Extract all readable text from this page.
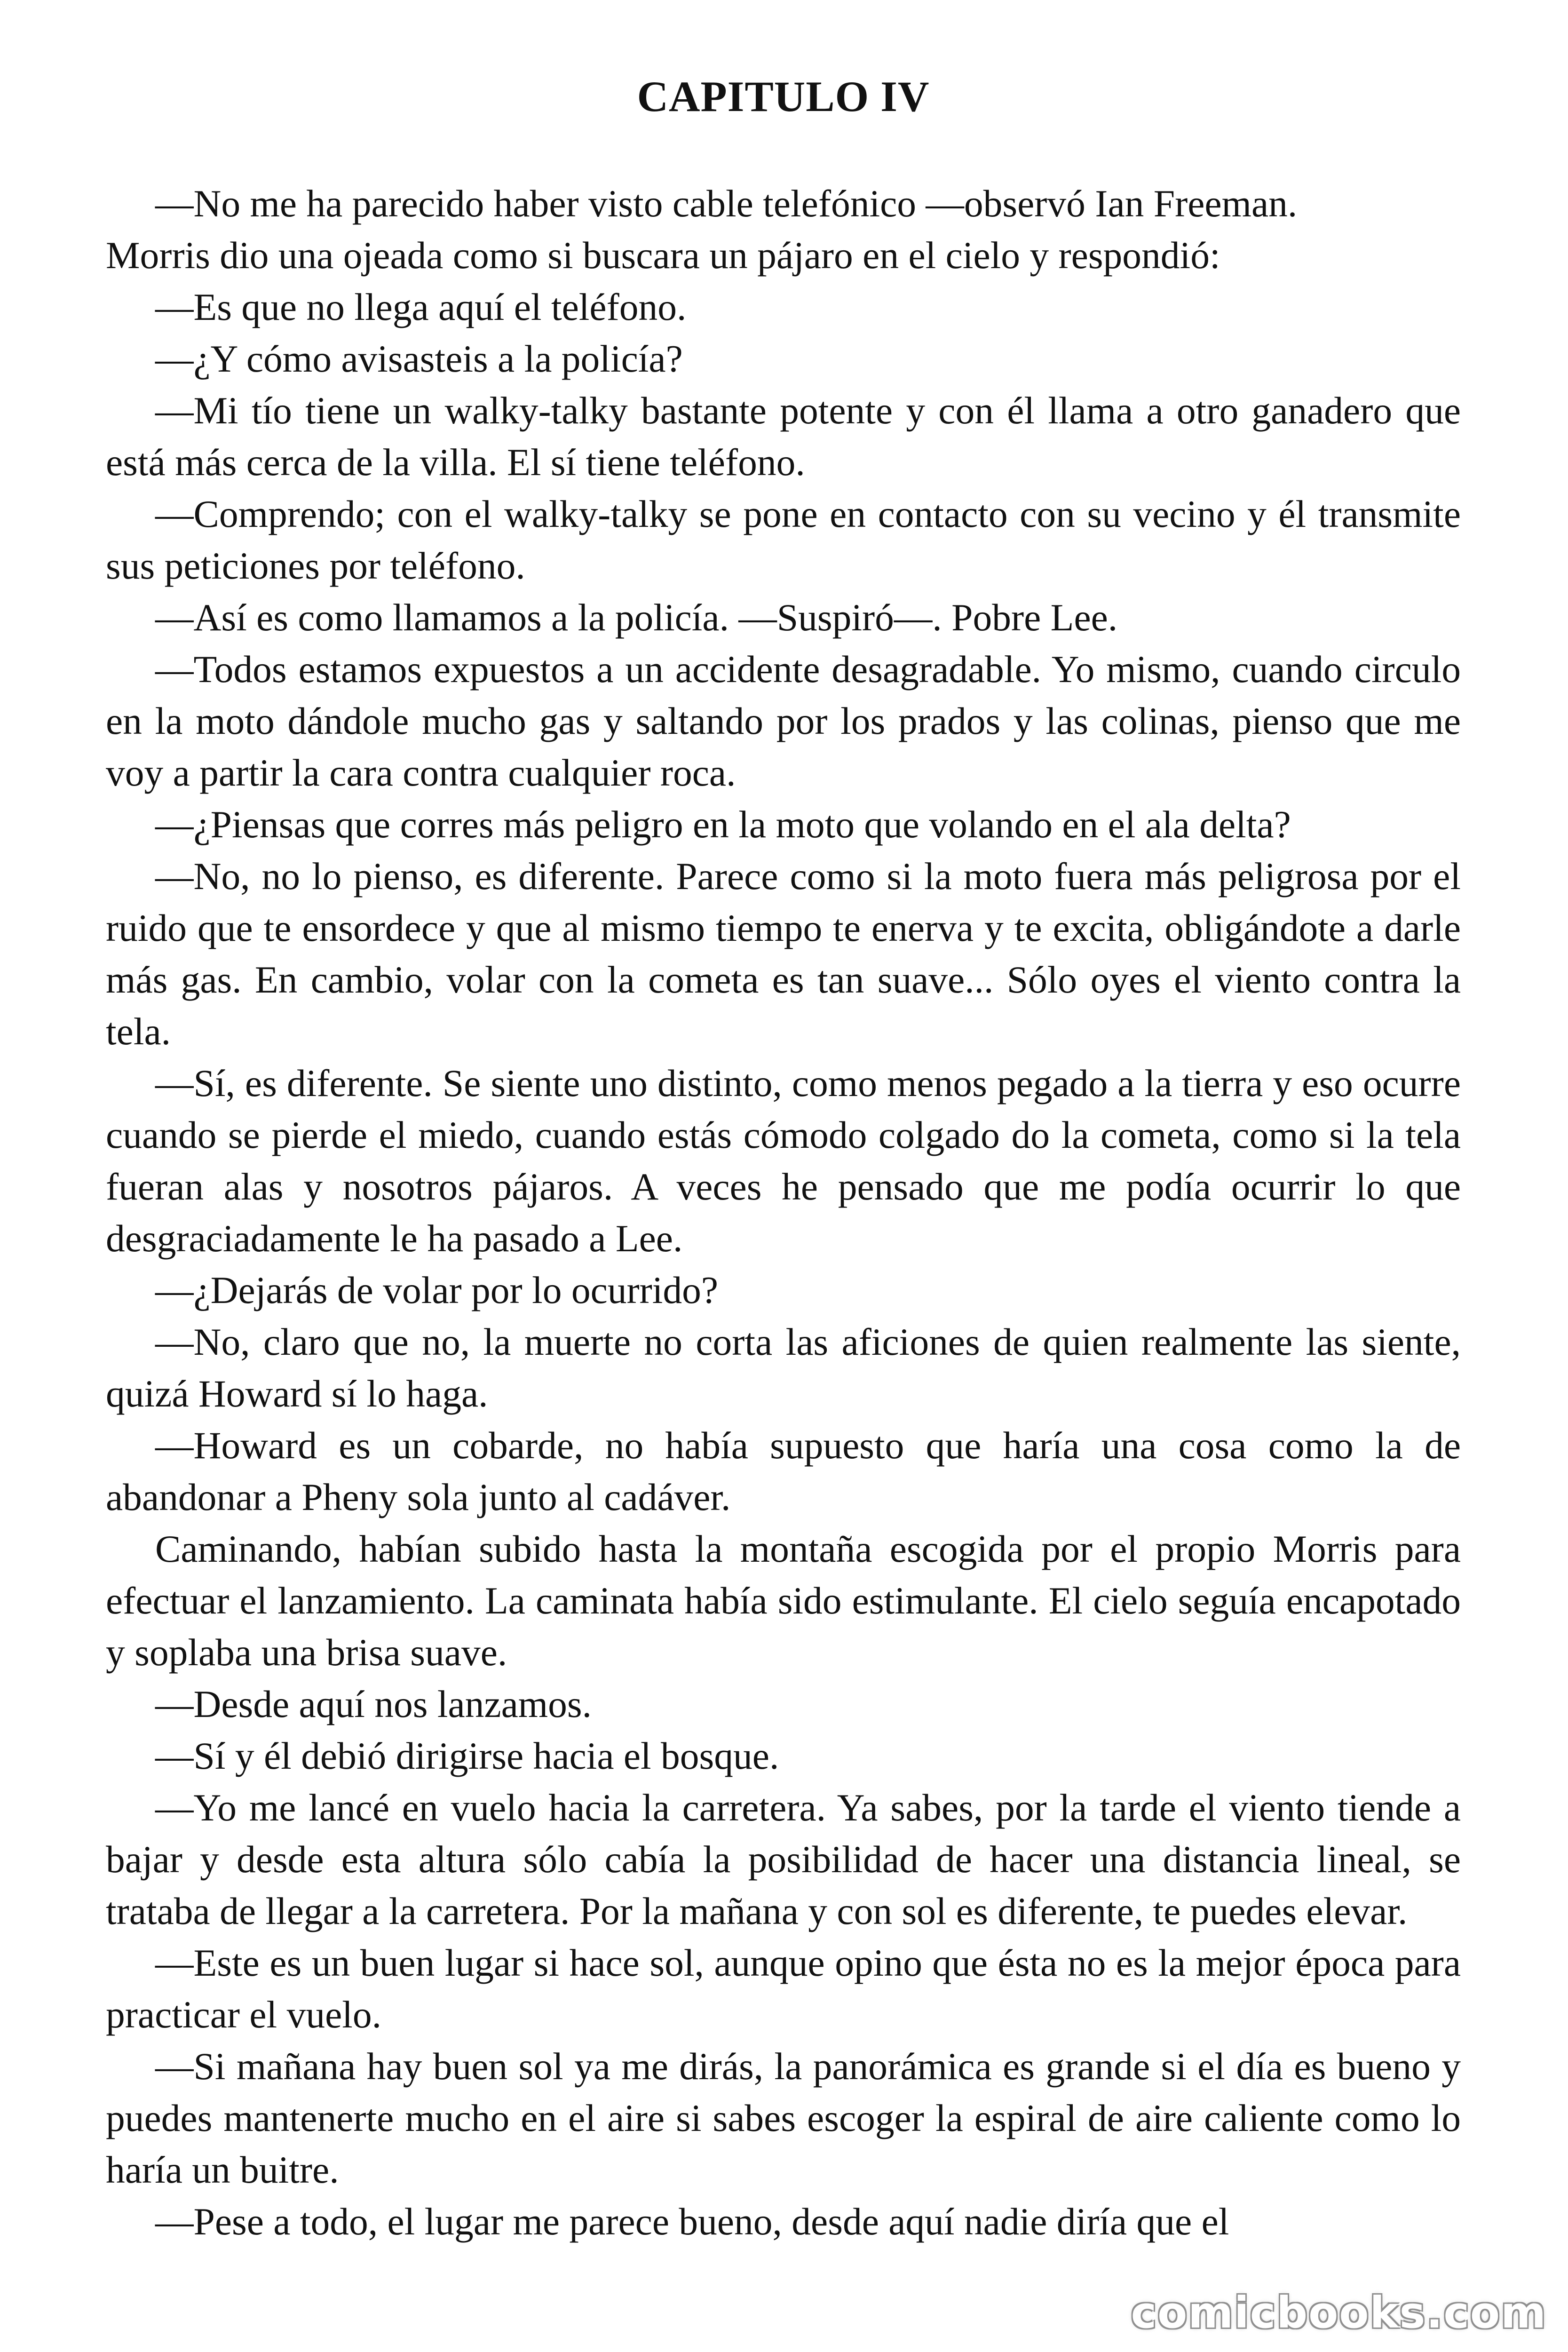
CAPITULO IV

—No me ha parecido haber visto cable telefónico —observó Ian Freeman.

Morris dio una ojeada como si buscara un pájaro en el cielo y respondió:

—Es que no llega aquí el teléfono.

—¿Y cómo avisasteis a la policía?

—Mi tío tiene un walky-talky bastante potente y con él llama a otro ganadero que está más cerca de la villa. El sí tiene teléfono.

—Comprendo; con el walky-talky se pone en contacto con su vecino y él transmite sus peticiones por teléfono.

—Así es como llamamos a la policía. —Suspiró—. Pobre Lee.

—Todos estamos expuestos a un accidente desagradable. Yo mismo, cuando circulo en la moto dándole mucho gas y saltando por los prados y las colinas, pienso que me voy a partir la cara contra cualquier roca.

—¿Piensas que corres más peligro en la moto que volando en el ala delta?

—No, no lo pienso, es diferente. Parece como si la moto fuera más peligrosa por el ruido que te ensordece y que al mismo tiempo te enerva y te excita, obligándote a darle más gas. En cambio, volar con la cometa es tan suave... Sólo oyes el viento contra la tela.

—Sí, es diferente. Se siente uno distinto, como menos pegado a la tierra y eso ocurre cuando se pierde el miedo, cuando estás cómodo colgado do la cometa, como si la tela fueran alas y nosotros pájaros. A veces he pensado que me podía ocurrir lo que desgraciadamente le ha pasado a Lee.

—¿Dejarás de volar por lo ocurrido?

—No, claro que no, la muerte no corta las aficiones de quien realmente las siente, quizá Howard sí lo haga.

—Howard es un cobarde, no había supuesto que haría una cosa como la de abandonar a Pheny sola junto al cadáver.

Caminando, habían subido hasta la montaña escogida por el propio Morris para efectuar el lanzamiento. La caminata había sido estimulante. El cielo seguía encapotado y soplaba una brisa suave.

—Desde aquí nos lanzamos.

—Sí y él debió dirigirse hacia el bosque.

—Yo me lancé en vuelo hacia la carretera. Ya sabes, por la tarde el viento tiende a bajar y desde esta altura sólo cabía la posibilidad de hacer una distancia lineal, se trataba de llegar a la carretera. Por la mañana y con sol es diferente, te puedes elevar.

—Este es un buen lugar si hace sol, aunque opino que ésta no es la mejor época para practicar el vuelo.

—Si mañana hay buen sol ya me dirás, la panorámica es grande si el día es bueno y puedes mantenerte mucho en el aire si sabes escoger la espiral de aire caliente como lo haría un buitre.

—Pese a todo, el lugar me parece bueno, desde aquí nadie diría que el

comicbooks.com
